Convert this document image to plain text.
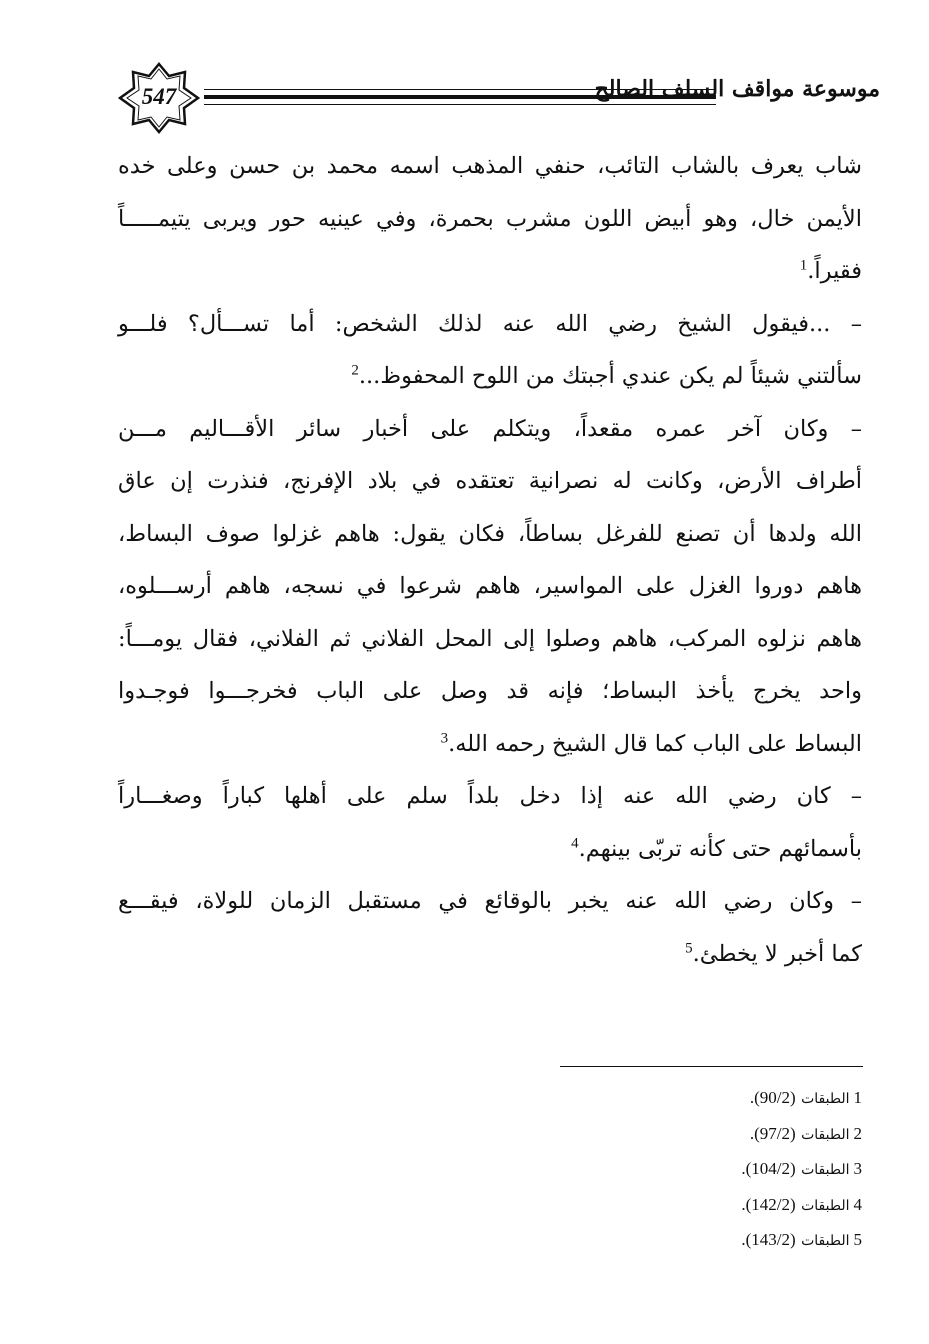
547	موسوعة مواقف السلف الصالح
شاب يعرف بالشاب التائب، حنفي المذهب اسمه محمد بن حسن وعلى خده
الأيمن خال، وهو أبيض اللون مشرب بحمرة، وفي عينيه حور ويربى يتيمـــــاً
فقيراً.$^1$
– ...فيقول الشيخ رضي الله عنه لذلك الشخص: أما تســـأل؟ فلـــو
سألتني شيئاً لم يكن عندي أجبتك من اللوح المحفوظ...$^2$
– وكان آخر عمره مقعداً، ويتكلم على أخبار سائر الأقـــاليم مـــن
أطراف الأرض، وكانت له نصرانية تعتقده في بلاد الإفرنج، فنذرت إن عاق
الله ولدها أن تصنع للفرغل بساطاً، فكان يقول: هاهم غزلوا صوف البساط،
هاهم دوروا الغزل على المواسير، هاهم شرعوا في نسجه، هاهم أرســـلوه،
هاهم نزلوه المركب، هاهم وصلوا إلى المحل الفلاني ثم الفلاني، فقال يومـــاً:
واحد يخرج يأخذ البساط؛ فإنه قد وصل على الباب فخرجـــوا فوجـدوا
البساط على الباب كما قال الشيخ رحمه الله.$^3$
– كان رضي الله عنه إذا دخل بلداً سلم على أهلها كباراً وصغـــاراً
بأسمائهم حتى كأنه تربّى بينهم.$^4$
– وكان رضي الله عنه يخبر بالوقائع في مستقبل الزمان للولاة، فيقـــع
كما أخبر لا يخطئ.$^5$
1الطبقات (90/2).
2الطبقات (97/2).
3الطبقات (104/2).
4الطبقات (142/2).
5الطبقات (143/2).
